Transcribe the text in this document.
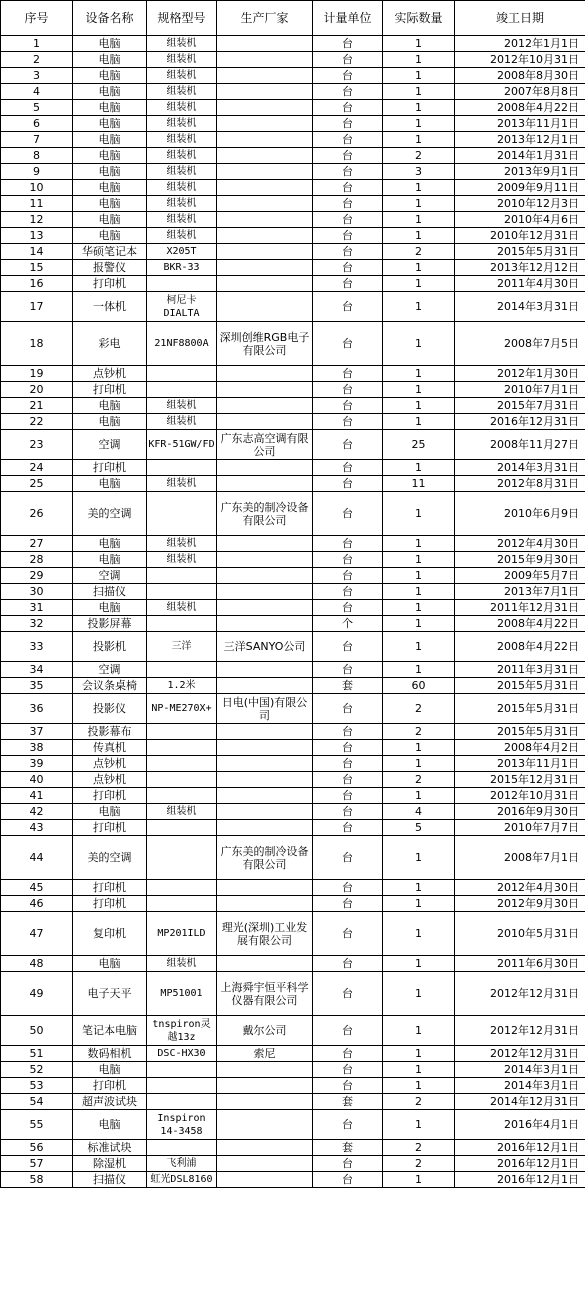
序号	设备名称	规格型号	生产厂家	计量单位	实际数量	竣工日期
1	电脑	组装机		台	1	2012年1月1日
2	电脑	组装机		台	1	2012年10月31日
3	电脑	组装机		台	1	2008年8月30日
4	电脑	组装机		台	1	2007年8月8日
5	电脑	组装机		台	1	2008年4月22日
6	电脑	组装机		台	1	2013年11月1日
7	电脑	组装机		台	1	2013年12月1日
8	电脑	组装机		台	2	2014年1月31日
9	电脑	组装机		台	3	2013年9月1日
10	电脑	组装机		台	1	2009年9月11日
11	电脑	组装机		台	1	2010年12月3日
12	电脑	组装机		台	1	2010年4月6日
13	电脑	组装机		台	1	2010年12月31日
14	华硕笔记本	X205T		台	2	2015年5月31日
15	报警仪	BKR-33		台	1	2013年12月12日
16	打印机			台	1	2011年4月30日
17	一体机	柯尼卡 DIALTA		台	1	2014年3月31日
18	彩电	21NF8800A	深圳创维RGB电子有限公司	台	1	2008年7月5日
19	点钞机			台	1	2012年1月30日
20	打印机			台	1	2010年7月1日
21	电脑	组装机		台	1	2015年7月31日
22	电脑	组装机		台	1	2016年12月31日
23	空调	KFR-51GW/FD	广东志高空调有限公司	台	25	2008年11月27日
24	打印机			台	1	2014年3月31日
25	电脑	组装机		台	11	2012年8月31日
26	美的空调		广东美的制冷设备有限公司	台	1	2010年6月9日
27	电脑	组装机		台	1	2012年4月30日
28	电脑	组装机		台	1	2015年9月30日
29	空调			台	1	2009年5月7日
30	扫描仪			台	1	2013年7月1日
31	电脑	组装机		台	1	2011年12月31日
32	投影屏幕			个	1	2008年4月22日
33	投影机	三洋	三洋SANYO公司	台	1	2008年4月22日
34	空调			台	1	2011年3月31日
35	会议条桌椅	1.2米		套	60	2015年5月31日
36	投影仪	NP-ME270X+	日电(中国)有限公司	台	2	2015年5月31日
37	投影幕布			台	2	2015年5月31日
38	传真机			台	1	2008年4月2日
39	点钞机			台	1	2013年11月1日
40	点钞机			台	2	2015年12月31日
41	打印机			台	1	2012年10月31日
42	电脑	组装机		台	4	2016年9月30日
43	打印机			台	5	2010年7月7日
44	美的空调		广东美的制冷设备有限公司	台	1	2008年7月1日
45	打印机			台	1	2012年4月30日
46	打印机			台	1	2012年9月30日
47	复印机	MP201ILD	理光(深圳)工业发展有限公司	台	1	2010年5月31日
48	电脑	组装机		台	1	2011年6月30日
49	电子天平	MP51001	上海舜宇恒平科学仪器有限公司	台	1	2012年12月31日
50	笔记本电脑	tnspiron灵越13z	戴尔公司	台	1	2012年12月31日
51	数码相机	DSC-HX30	索尼	台	1	2012年12月31日
52	电脑			台	1	2014年3月1日
53	打印机			台	1	2014年3月1日
54	超声波试块			套	2	2014年12月31日
55	电脑	Inspiron 14-3458		台	1	2016年4月1日
56	标准试块			套	2	2016年12月1日
57	除湿机	飞利浦		台	2	2016年12月1日
58	扫描仪	虹光DSL8160		台	1	2016年12月1日
